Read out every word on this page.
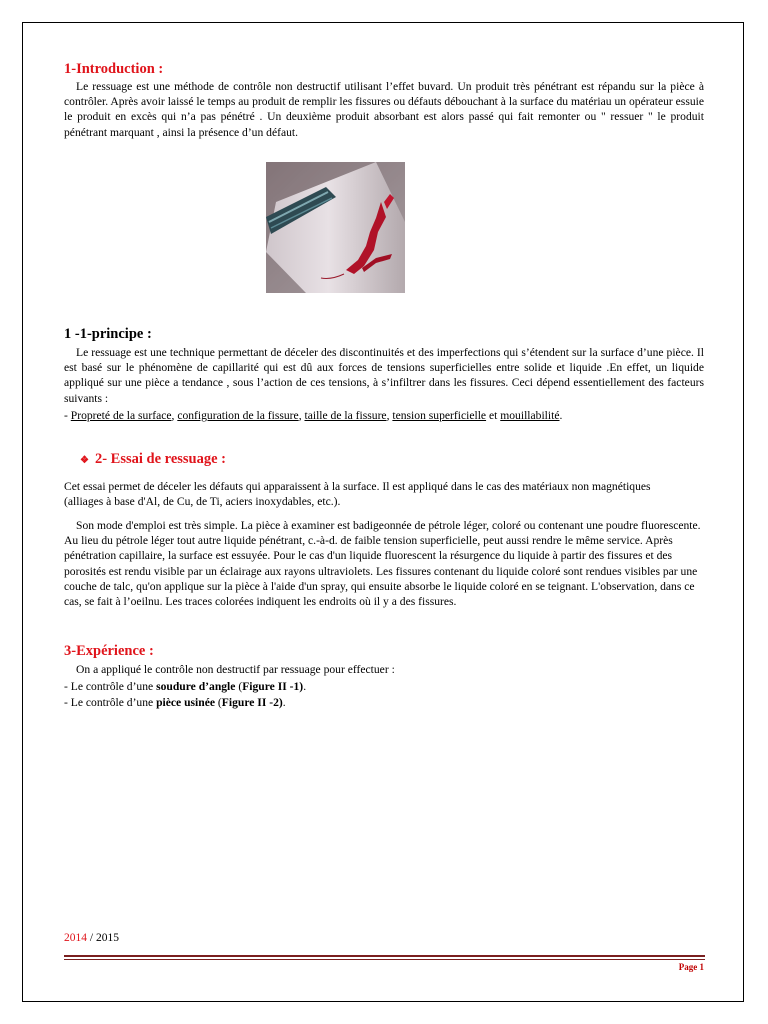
1-Introduction :
Le ressuage est une méthode de contrôle non destructif utilisant l’effet buvard. Un produit très pénétrant est répandu sur la pièce à contrôler. Après avoir laissé le temps au produit de remplir les fissures ou défauts débouchant à la surface du matériau un opérateur essuie le produit en excès qui n’a pas pénétré . Un deuxième produit absorbant est alors passé qui fait remonter ou " ressuer " le produit pénétrant marquant , ainsi la présence d’un défaut.
1 -1-principe :
Le ressuage est une technique permettant de déceler des discontinuités et des imperfections qui s’étendent sur la surface d’une pièce. Il est basé sur le phénomène de capillarité qui est dû aux forces de tensions superficielles entre solide et liquide .En effet, un liquide appliqué sur une pièce a tendance , sous l’action de ces tensions, à s’infiltrer dans les fissures. Ceci dépend essentiellement des facteurs suivants :
- Propreté de la surface, configuration de la fissure, taille de la fissure, tension superficielle et mouillabilité.
❖ 2- Essai de ressuage :
Cet essai permet de déceler les défauts qui apparaissent à la surface. Il est appliqué dans le cas des matériaux non magnétiques (alliages à base d'Al, de Cu, de Ti, aciers inoxydables, etc.).
Son mode d'emploi est très simple. La pièce à examiner est badigeonnée de pétrole léger, coloré ou contenant une poudre fluorescente. Au lieu du pétrole léger tout autre liquide pénétrant, c.-à-d. de faible tension superficielle, peut aussi rendre le même service. Après pénétration capillaire, la surface est essuyée. Pour le cas d'un liquide fluorescent la résurgence du liquide à partir des fissures et des porosités est rendu visible par un éclairage aux rayons ultraviolets. Les fissures contenant du liquide coloré sont rendues visibles par une couche de talc, qu'on applique sur la pièce à l'aide d'un spray, qui ensuite absorbe le liquide coloré en se teignant. L'observation, dans ce cas, se fait à l’oeilnu. Les traces colorées indiquent les endroits où il y a des fissures.
3-Expérience :
On a appliqué le contrôle non destructif par ressuage pour effectuer :
- Le contrôle d’une soudure d’angle (Figure II -1).
- Le contrôle d’une pièce usinée (Figure II -2).
2014 / 2015
Page 1
